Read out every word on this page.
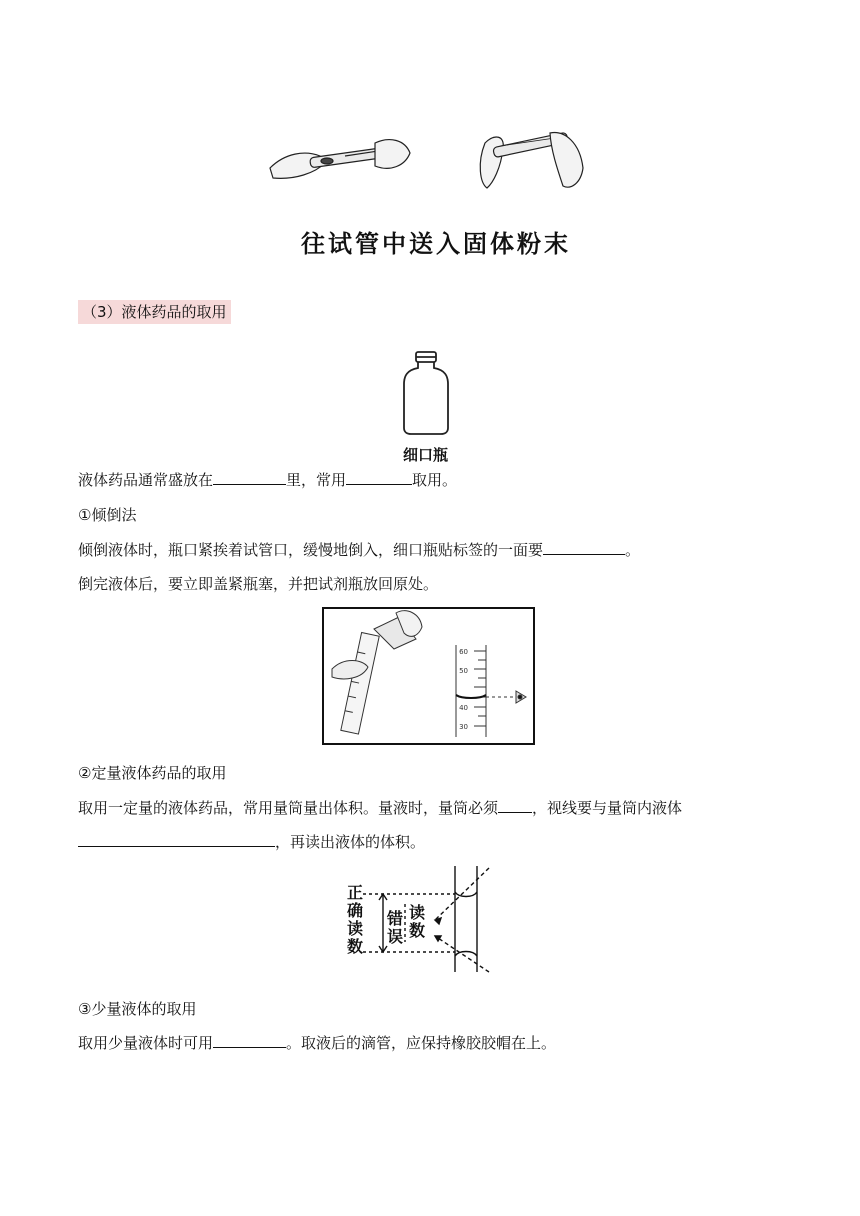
往试管中送入固体粉末
（3）液体药品的取用
细口瓶
液体药品通常盛放在	里，常用	取用。
①倾倒法
倾倒液体时，瓶口紧挨着试管口，缓慢地倒入，细口瓶贴标签的一面要	。
倒完液体后，要立即盖紧瓶塞，并把试剂瓶放回原处。
60
50
40
30
②定量液体药品的取用
取用一定量的液体药品，常用量筒量出体积。量液时，量筒必须 ，视线要与量筒内液体
，再读出液体的体积。
正
确
读
数
错
误
读
数
③少量液体的取用
取用少量液体时可用	。取液后的滴管，应保持橡胶胶帽在上。
